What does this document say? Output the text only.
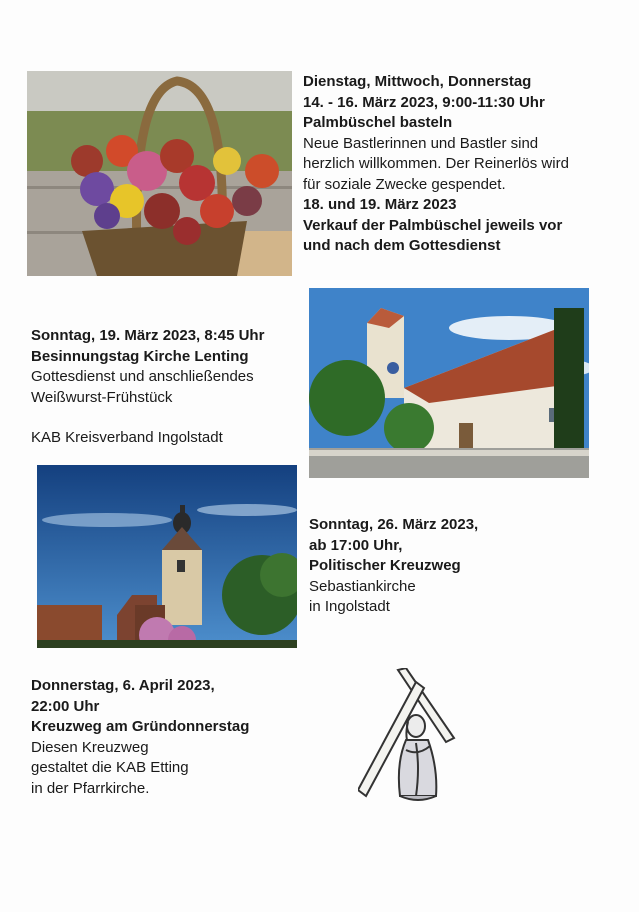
Dienstag, Mittwoch, Donnerstag
14. - 16. März 2023, 9:00-11:30 Uhr
Palmbüschel basteln
Neue Bastlerinnen und Bastler sind
herzlich willkommen. Der Reinerlös wird
für soziale Zwecke gespendet.
18. und 19. März 2023
Verkauf der Palmbüschel jeweils vor
und nach dem Gottesdienst
Sonntag, 19. März 2023, 8:45 Uhr
Besinnungstag Kirche Lenting
Gottesdienst und anschließendes
Weißwurst-Frühstück
KAB Kreisverband Ingolstadt
Sonntag, 26. März 2023,
ab 17:00 Uhr,
Politischer Kreuzweg
Sebastiankirche
in Ingolstadt
Donnerstag, 6. April 2023,
22:00 Uhr
Kreuzweg am Gründonnerstag
Diesen Kreuzweg
gestaltet die KAB Etting
in der Pfarrkirche.
